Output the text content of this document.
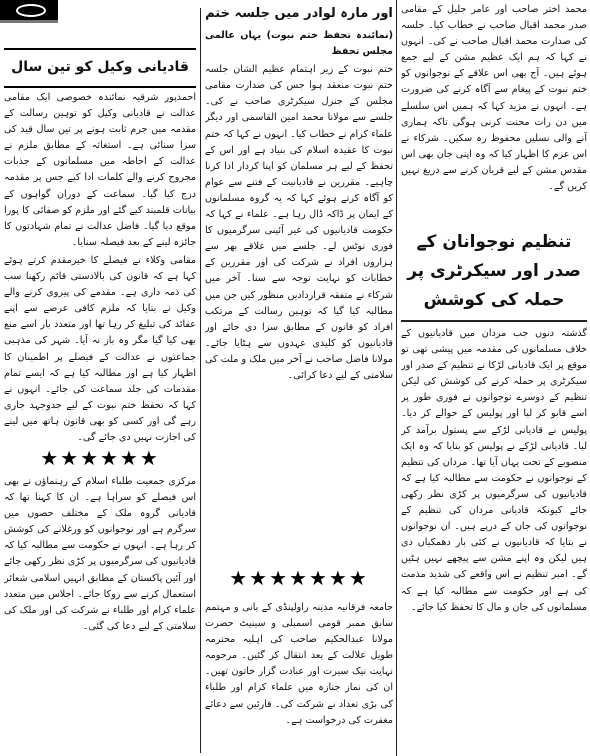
قادیانی وکیل کو تین سال

احمدپور شرقیہ نمائندہ خصوصی ایک مقامی عدالت نے قادیانی وکیل کو توہین رسالت کے مقدمہ میں جرم ثابت ہونے پر تین سال قید کی سزا سنائی ہے۔ استغاثہ کے مطابق ملزم نے عدالت کے احاطہ میں مسلمانوں کے جذبات مجروح کرنے والے کلمات ادا کیے جس پر مقدمہ درج کیا گیا۔ سماعت کے دوران گواہوں کے بیانات قلمبند کیے گئے اور ملزم کو صفائی کا پورا موقع دیا گیا۔ فاضل عدالت نے تمام شہادتوں کا جائزہ لینے کے بعد فیصلہ سنایا۔

مقامی وکلاء نے فیصلے کا خیرمقدم کرتے ہوئے کہا ہے کہ قانون کی بالادستی قائم رکھنا سب کی ذمہ داری ہے۔ مقدمے کی پیروی کرنے والے وکیل نے بتایا کہ ملزم کافی عرصے سے اپنے عقائد کی تبلیغ کر رہا تھا اور متعدد بار اسے منع بھی کیا گیا مگر وہ باز نہ آیا۔ شہر کی مذہبی جماعتوں نے عدالت کے فیصلے پر اطمینان کا اظہار کیا ہے اور مطالبہ کیا ہے کہ ایسے تمام مقدمات کی جلد سماعت کی جائے۔ انہوں نے کہا کہ تحفظ ختم نبوت کے لیے جدوجہد جاری رہے گی اور کسی کو بھی قانون ہاتھ میں لینے کی اجازت نہیں دی جائے گی۔

★★★★★★

مرکزی جمعیت طلباء اسلام کے رہنماؤں نے بھی اس فیصلے کو سراہا ہے۔ ان کا کہنا تھا کہ قادیانی گروہ ملک کے مختلف حصوں میں سرگرم ہے اور نوجوانوں کو ورغلانے کی کوشش کر رہا ہے۔ انہوں نے حکومت سے مطالبہ کیا کہ قادیانیوں کی سرگرمیوں پر کڑی نظر رکھی جائے اور آئین پاکستان کے مطابق انہیں اسلامی شعائر استعمال کرنے سے روکا جائے۔ اجلاس میں متعدد علماء کرام اور طلباء نے شرکت کی اور ملک کی سلامتی کے لیے دعا کی گئی۔

اور مارہ لوادر میں جلسہ ختم

(نمائندہ تحفظ ختم نبوت) یہاں عالمی مجلس تحفظ

ختم نبوت کے زیر اہتمام عظیم الشان جلسہ ختم نبوت منعقد ہوا جس کی صدارت مقامی مجلس کے جنرل سیکرٹری صاحب نے کی۔ جلسے سے مولانا محمد امین القاسمی اور دیگر علماء کرام نے خطاب کیا۔ انہوں نے کہا کہ ختم نبوت کا عقیدہ اسلام کی بنیاد ہے اور اس کے تحفظ کے لیے ہر مسلمان کو اپنا کردار ادا کرنا چاہیے۔ مقررین نے قادیانیت کے فتنے سے عوام کو آگاہ کرتے ہوئے کہا کہ یہ گروہ مسلمانوں کے ایمان پر ڈاکہ ڈال رہا ہے۔ علماء نے کہا کہ حکومت قادیانیوں کی غیر آئینی سرگرمیوں کا فوری نوٹس لے۔ جلسے میں علاقے بھر سے ہزاروں افراد نے شرکت کی اور مقررین کے خطابات کو نہایت توجہ سے سنا۔ آخر میں شرکاء نے متفقہ قراردادیں منظور کیں جن میں مطالبہ کیا گیا کہ توہین رسالت کے مرتکب افراد کو قانون کے مطابق سزا دی جائے اور قادیانیوں کو کلیدی عہدوں سے ہٹایا جائے۔ مولانا فاضل صاحب نے آخر میں ملک و ملت کی سلامتی کے لیے دعا کرائی۔

★★★★★★★

جامعہ فرقانیہ مدینہ راولپنڈی کے بانی و مہتمم سابق ممبر قومی اسمبلی و سینیٹ حضرت مولانا عبدالحکیم صاحب کی اہلیہ محترمہ طویل علالت کے بعد انتقال کر گئیں۔ مرحومہ نہایت نیک سیرت اور عبادت گزار خاتون تھیں۔ ان کی نماز جنازہ میں علماء کرام اور طلباء کی بڑی تعداد نے شرکت کی۔ قارئین سے دعائے مغفرت کی درخواست ہے۔

محمد اختر صاحب اور عامر جلیل کے مقامی صدر محمد اقبال صاحب نے خطاب کیا۔ جلسہ کی صدارت محمد اقبال صاحب نے کی۔ انہوں نے کہا کہ ہم ایک عظیم مشن کے لیے جمع ہوئے ہیں۔ آج بھی اس علاقے کے نوجوانوں کو ختم نبوت کے پیغام سے آگاہ کرنے کی ضرورت ہے۔ انہوں نے مزید کہا کہ ہمیں اس سلسلے میں دن رات محنت کرنی ہوگی تاکہ ہماری آنے والی نسلیں محفوظ رہ سکیں۔ شرکاء نے اس عزم کا اظہار کیا کہ وہ اپنی جان بھی اس مقدس مشن کے لیے قربان کرنے سے دریغ نہیں کریں گے۔

تنظیم نوجوانان کے صدر اور سیکرٹری پر حملہ کی کوشش

گذشتہ دنوں جب مردان میں قادیانیوں کے خلاف مسلمانوں کی مقدمہ میں پیشی تھی تو موقع پر ایک قادیانی لڑکا نے تنظیم کے صدر اور سیکرٹری پر حملہ کرنے کی کوشش کی لیکن تنظیم کے دوسرے نوجوانوں نے فوری طور پر اسے قابو کر لیا اور پولیس کے حوالے کر دیا۔ پولیس نے قادیانی لڑکے سے پستول برآمد کر لیا۔ قادیانی لڑکے نے پولیس کو بتایا کہ وہ ایک منصوبے کے تحت یہاں آیا تھا۔ مردان کی تنظیم کے نوجوانوں نے حکومت سے مطالبہ کیا ہے کہ قادیانیوں کی سرگرمیوں پر کڑی نظر رکھی جائے کیونکہ قادیانی مردان کی تنظیم کے نوجوانوں کی جان کے درپے ہیں۔ ان نوجوانوں نے بتایا کہ قادیانیوں نے کئی بار دھمکیاں دی ہیں لیکن وہ اپنے مشن سے پیچھے نہیں ہٹیں گے۔ امیر تنظیم نے اس واقعے کی شدید مذمت کی ہے اور حکومت سے مطالبہ کیا ہے کہ مسلمانوں کی جان و مال کا تحفظ کیا جائے۔
